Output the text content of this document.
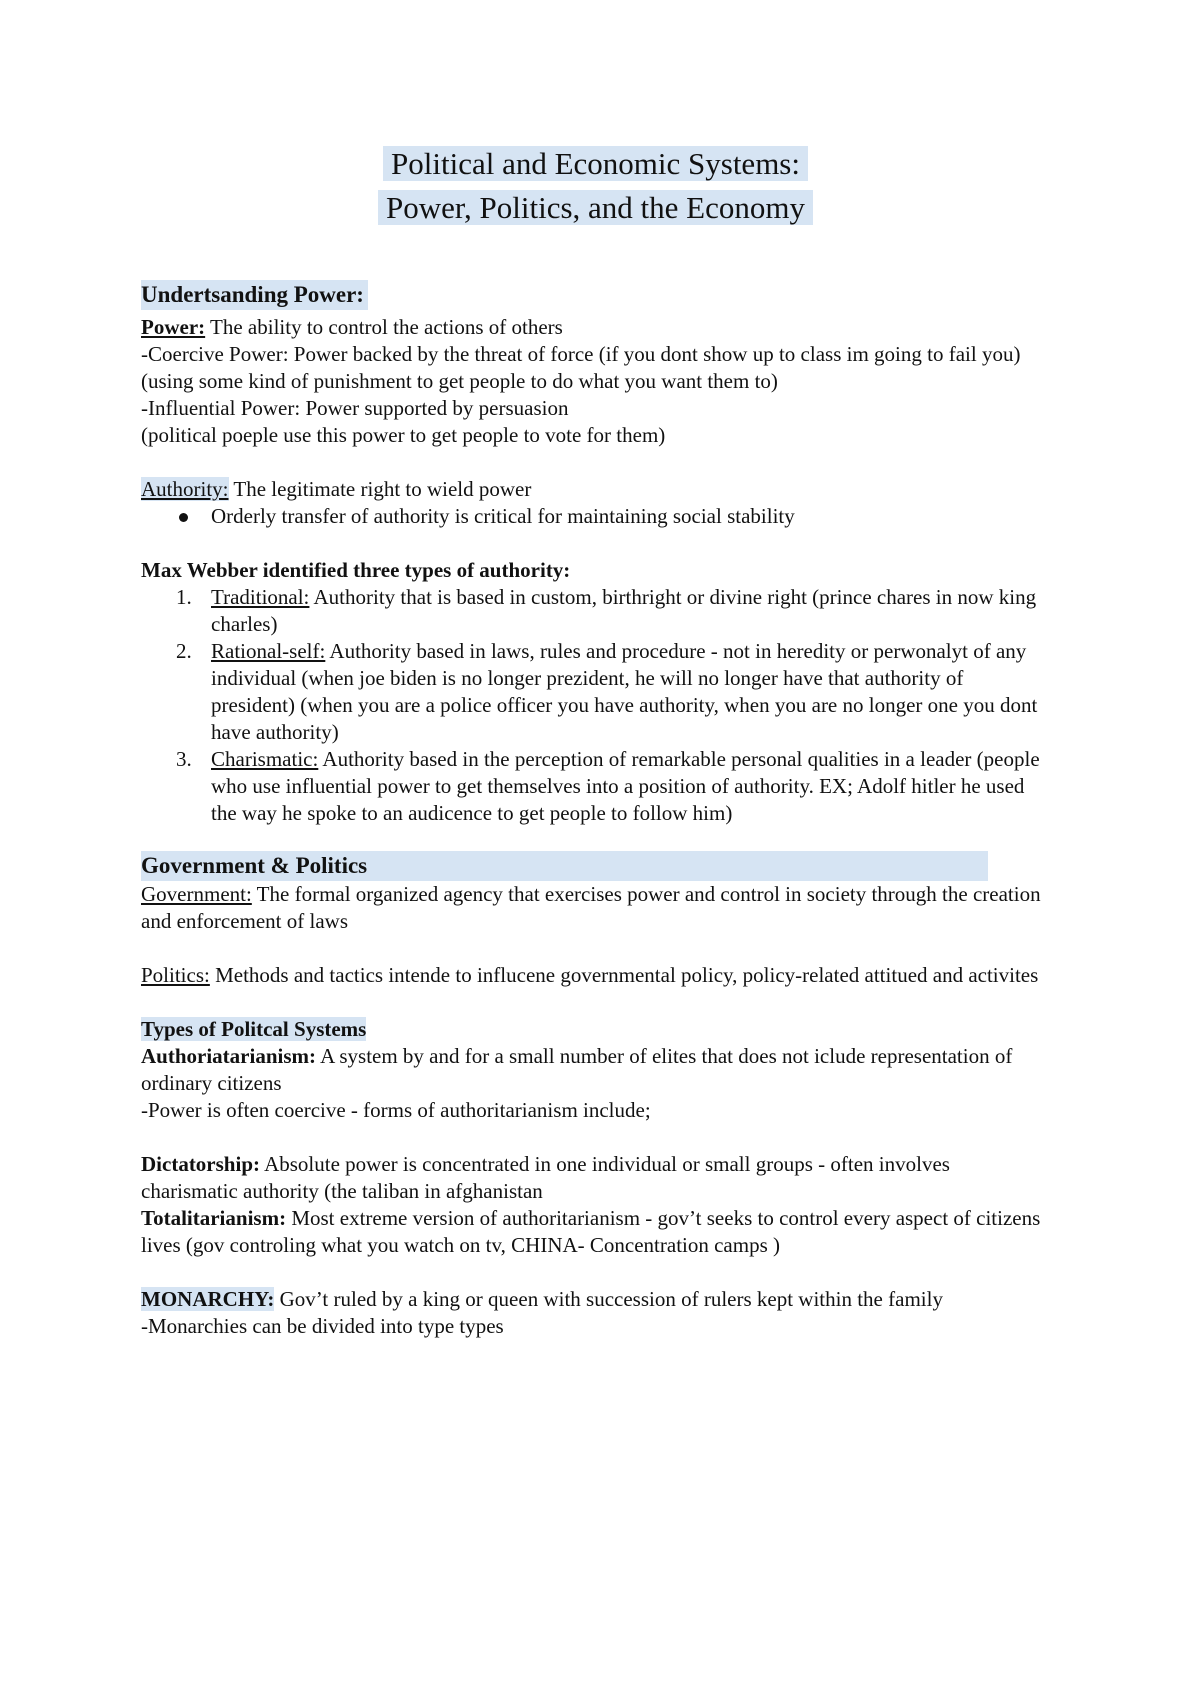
Political and Economic Systems:
Power, Politics, and the Economy
Undertsanding Power:

Power: The ability to control the actions of others

-Coercive Power: Power backed by the threat of force (if you dont show up to class im going to fail you) (using some kind of punishment to get people to do what you want them to)

-Influential Power: Power supported by persuasion

(political poeple use this power to get people to vote for them)

Authority: The legitimate right to wield power

Orderly transfer of authority is critical for maintaining social stability

Max Webber identified three types of authority:

1. Traditional: Authority that is based in custom, birthright or divine right (prince chares in now king charles)
2. Rational-self: Authority based in laws, rules and procedure - not in heredity or perwonalyt of any individual (when joe biden is no longer prezident, he will no longer have that authority of president) (when you are a police officer you have authority, when you are no longer one you dont have authority)
3. Charismatic: Authority based in the perception of remarkable personal qualities in a leader (people who use influential power to get themselves into a position of authority. EX; Adolf hitler he used the way he spoke to an audicence to get people to follow him)
Government & Politics

Government: The formal organized agency that exercises power and control in society through the creation and enforcement of laws

Politics: Methods and tactics intende to influcene governmental policy, policy-related attitued and activites

Types of Politcal Systems

Authoriatarianism: A system by and for a small number of elites that does not iclude representation of ordinary citizens

-Power is often coercive - forms of authoritarianism include;

Dictatorship: Absolute power is concentrated in one individual or small groups - often involves charismatic authority (the taliban in afghanistan

Totalitarianism: Most extreme version of authoritarianism - gov’t seeks to control every aspect of citizens lives (gov controling what you watch on tv, CHINA- Concentration camps )

MONARCHY: Gov’t ruled by a king or queen with succession of rulers kept within the family

-Monarchies can be divided into type types
